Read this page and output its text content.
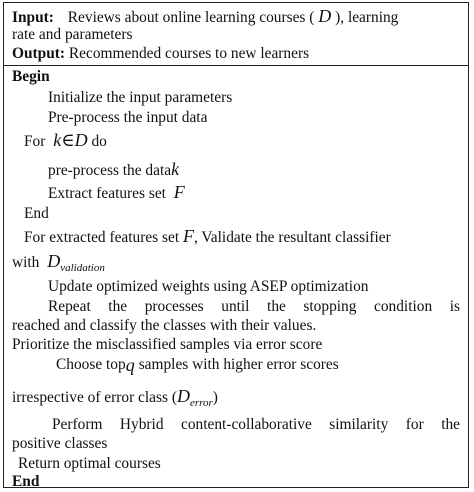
Input: Reviews about online learning courses ( D ), learning
rate and parameters
Output: Recommended courses to new learners
Begin
Initialize the input parameters
Pre-process the input data
For k∈D do
pre-process the datak
Extract features set F
End
For extracted features set F, Validate the resultant classifier
with $D_{validation}$
Update optimized weights using ASEP optimization
Repeat the processes until the stopping condition is
reached and classify the classes with their values.
Prioritize the misclassified samples via error score
Choose top q samples with higher error scores
irrespective of error class $(D_{error})$
Perform Hybrid content-collaborative similarity for the
positive classes
Return optimal courses
End
